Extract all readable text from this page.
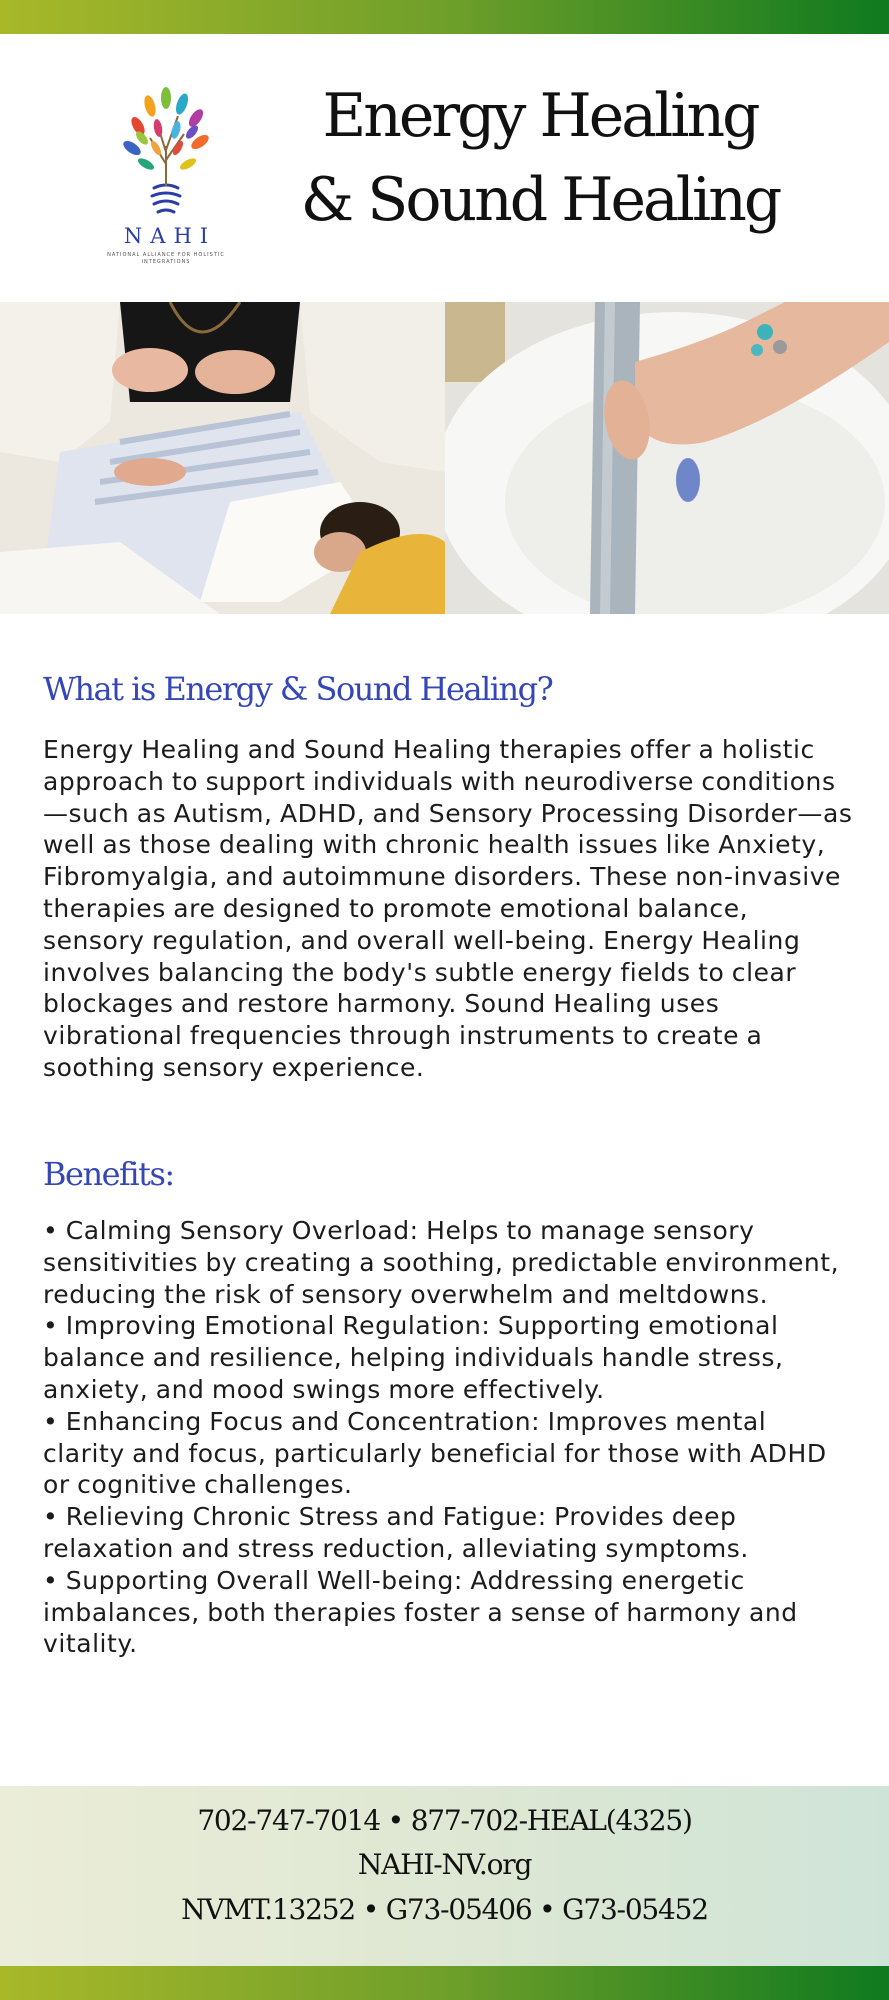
NAHI
NATIONAL ALLIANCE FOR HOLISTIC INTEGRATIONS
Energy Healing
& Sound Healing
What is Energy & Sound Healing?

Energy Healing and Sound Healing therapies offer a holistic approach to support individuals with neurodiverse conditions—such as Autism, ADHD, and Sensory Processing Disorder—as well as those dealing with chronic health issues like Anxiety, Fibromyalgia, and autoimmune disorders. These non-invasive therapies are designed to promote emotional balance, sensory regulation, and overall well-being. Energy Healing involves balancing the body's subtle energy fields to clear blockages and restore harmony. Sound Healing uses vibrational frequencies through instruments to create a soothing sensory experience.

Benefits:
• Calming Sensory Overload: Helps to manage sensory sensitivities by creating a soothing, predictable environment, reducing the risk of sensory overwhelm and meltdowns.
• Improving Emotional Regulation: Supporting emotional balance and resilience, helping individuals handle stress, anxiety, and mood swings more effectively.
• Enhancing Focus and Concentration: Improves mental clarity and focus, particularly beneficial for those with ADHD or cognitive challenges.
• Relieving Chronic Stress and Fatigue: Provides deep relaxation and stress reduction, alleviating symptoms.
• Supporting Overall Well-being: Addressing energetic imbalances, both therapies foster a sense of harmony and vitality.
702-747-7014 • 877-702-HEAL(4325)
NAHI-NV.org
NVMT.13252 • G73-05406 • G73-05452
